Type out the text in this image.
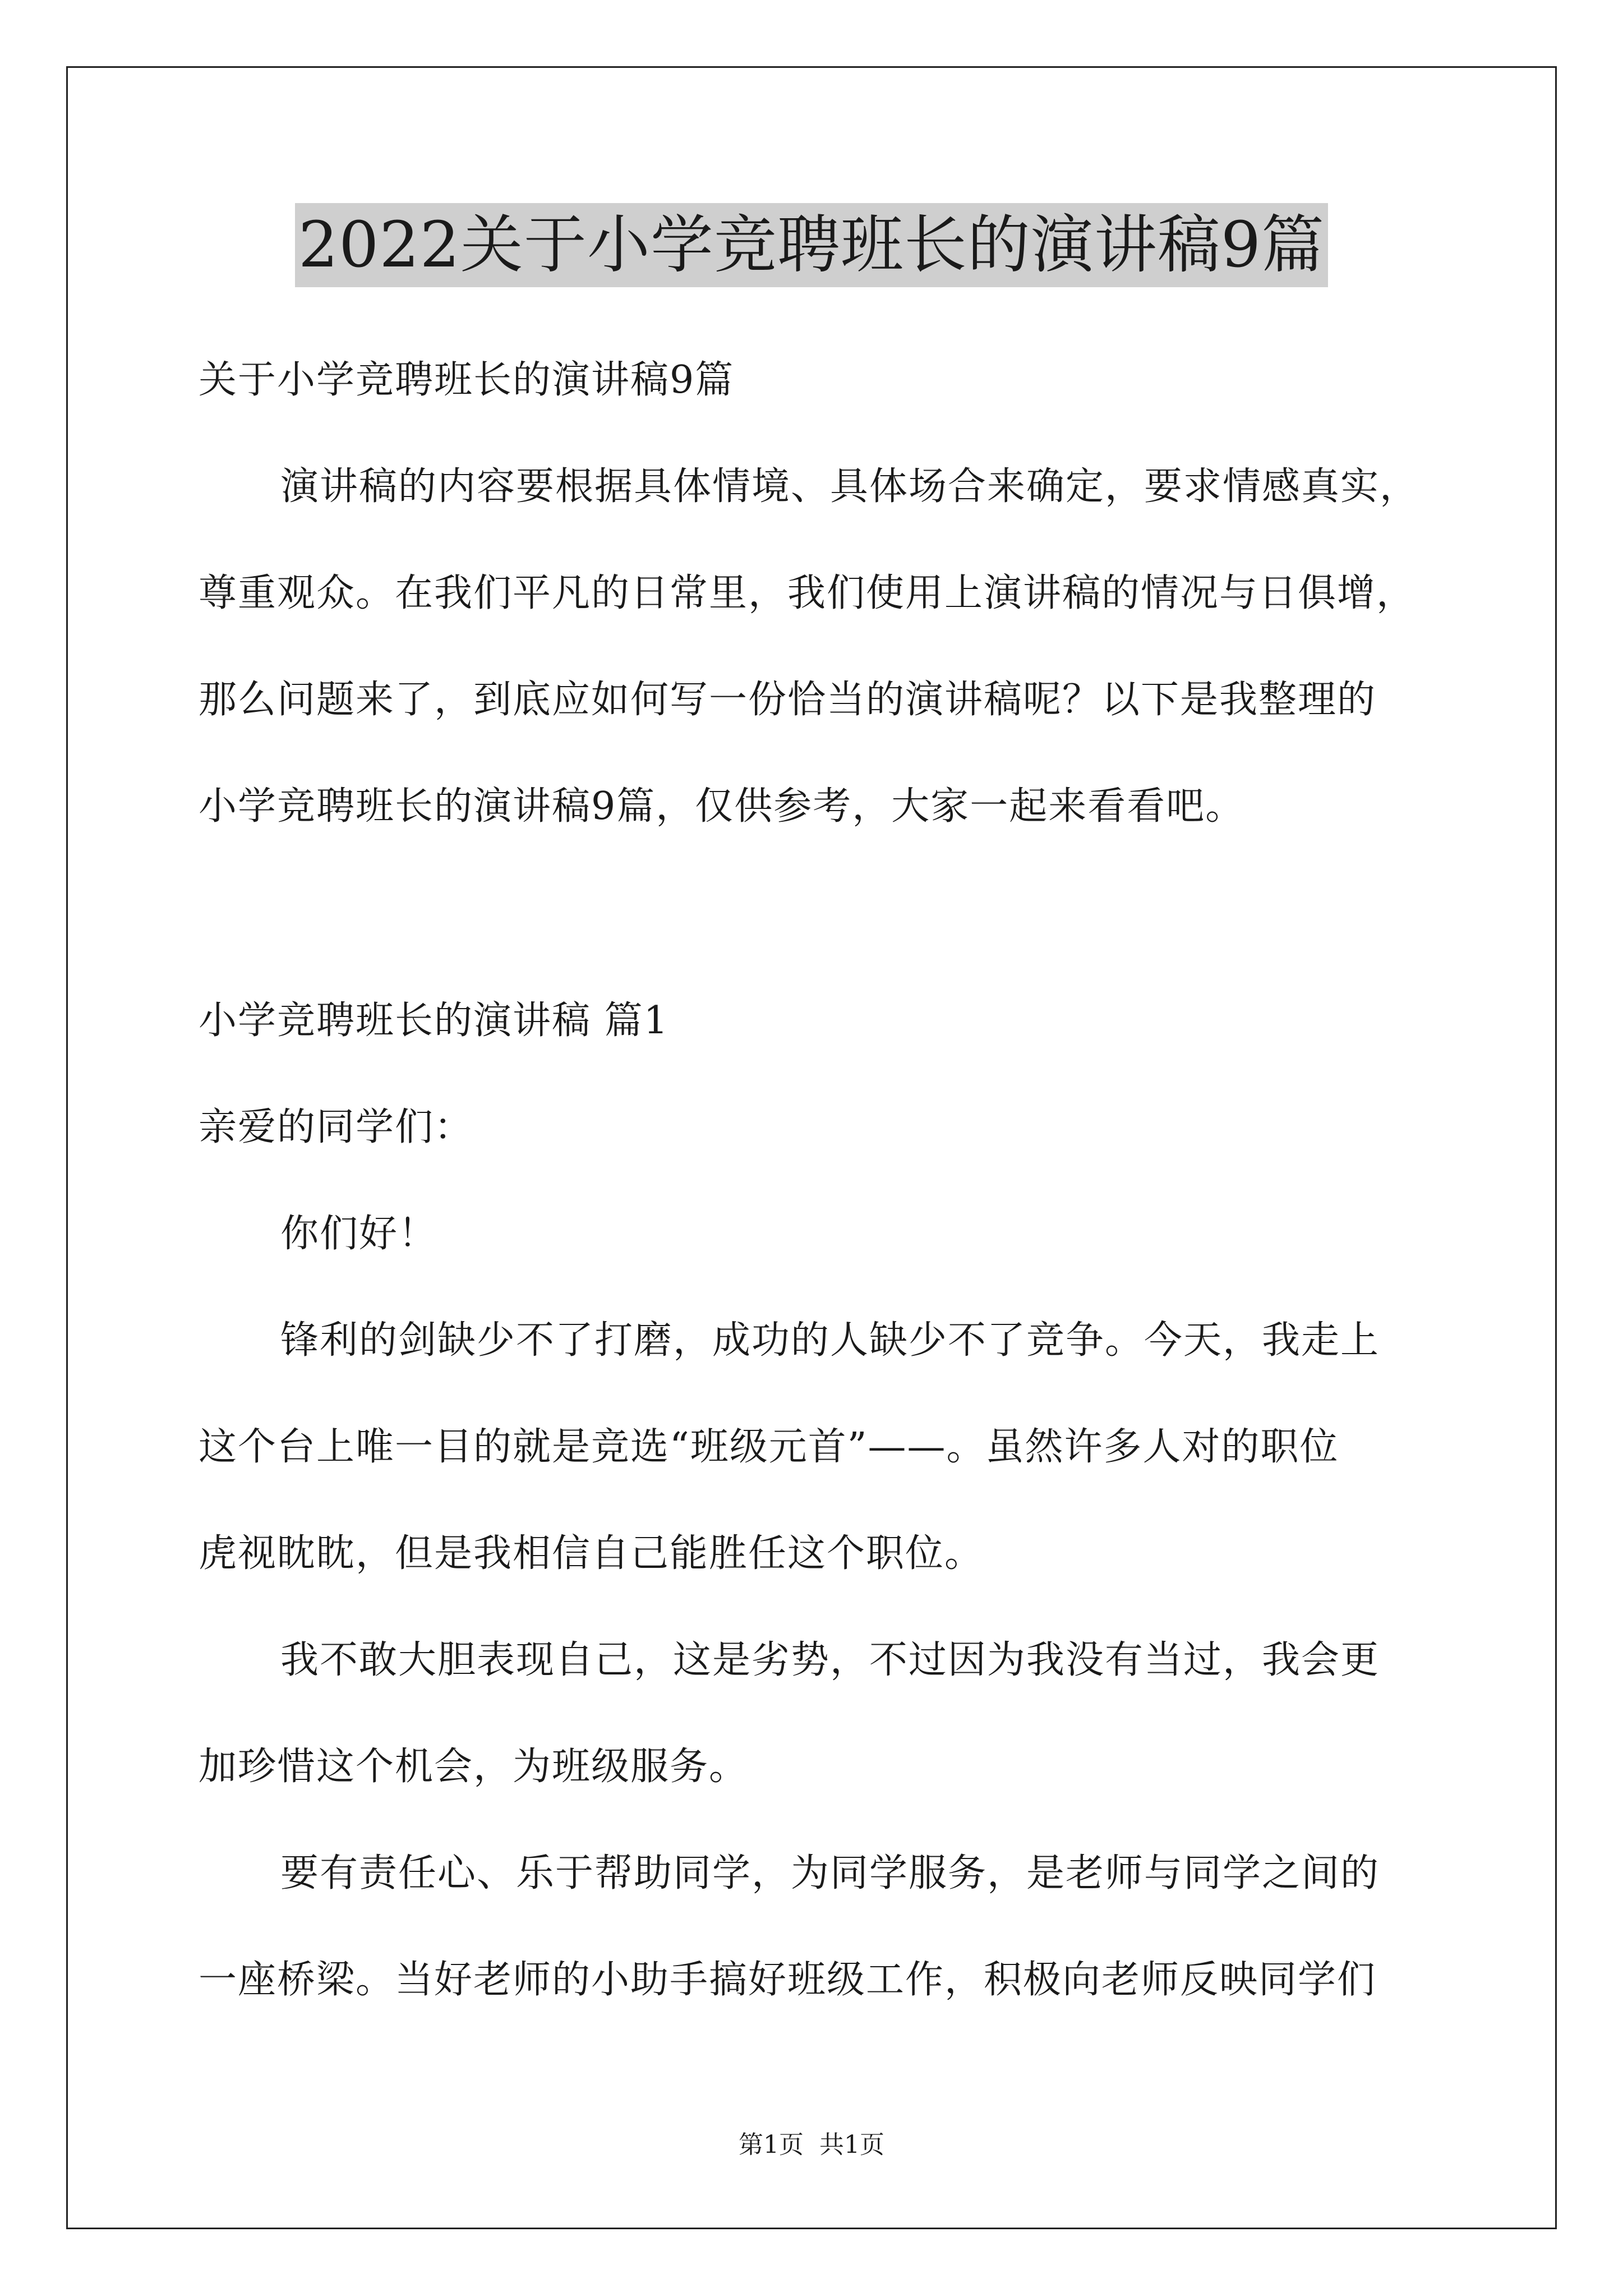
2022关于小学竞聘班长的演讲稿9篇
关于小学竞聘班长的演讲稿9篇
演讲稿的内容要根据具体情境、具体场合来确定，要求情感真实，
尊重观众。在我们平凡的日常里，我们使用上演讲稿的情况与日俱增，
那么问题来了，到底应如何写一份恰当的演讲稿呢？以下是我整理的
小学竞聘班长的演讲稿9篇，仅供参考，大家一起来看看吧。
小学竞聘班长的演讲稿 篇1
亲爱的同学们：
你们好！
锋利的剑缺少不了打磨，成功的人缺少不了竞争。今天，我走上
这个台上唯一目的就是竞选“班级元首”——。虽然许多人对的职位
虎视眈眈，但是我相信自己能胜任这个职位。
我不敢大胆表现自己，这是劣势，不过因为我没有当过，我会更
加珍惜这个机会，为班级服务。
要有责任心、乐于帮助同学，为同学服务，是老师与同学之间的
一座桥梁。当好老师的小助手搞好班级工作，积极向老师反映同学们
第1页 共1页
